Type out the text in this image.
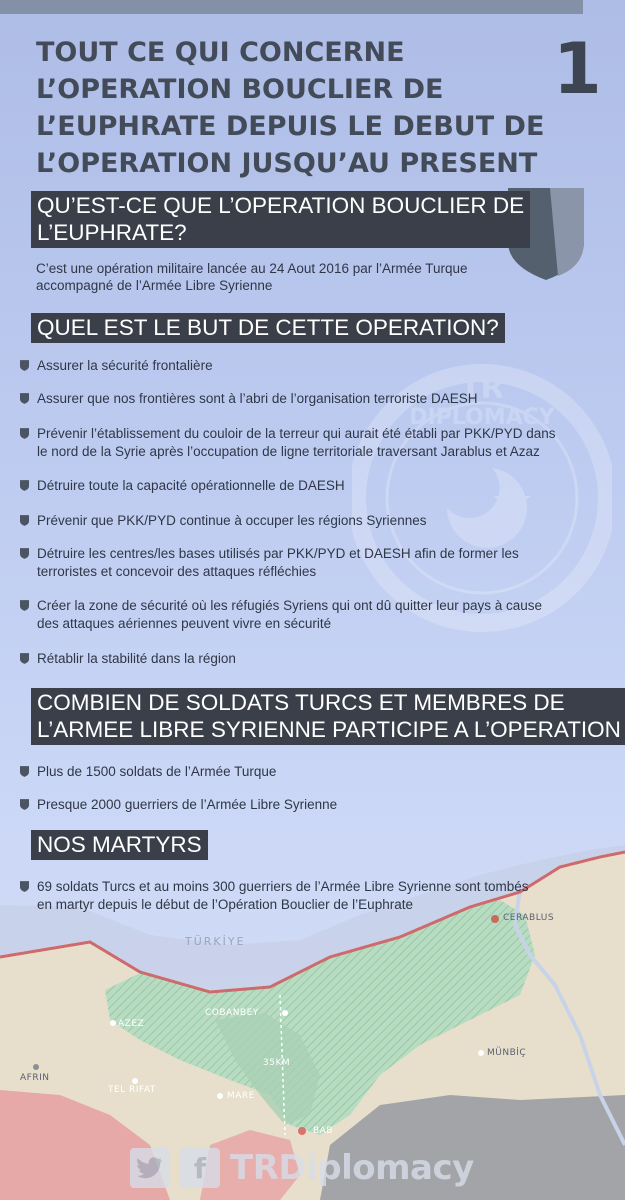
TOUT CE QUI CONCERNE
L’OPERATION BOUCLIER DE
L’EUPHRATE DEPUIS LE DEBUT DE
L’OPERATION JUSQU’AU PRESENT
1
TR
DIPLOMACY
QU’EST-CE QUE L’OPERATION BOUCLIER DE
L’EUPHRATE?
C’est une opération militaire lancée au 24 Aout 2016 par l’Armée Turque
accompagné de l’Armée Libre Syrienne
QUEL EST LE BUT DE CETTE OPERATION?
Assurer la sécurité frontalière
Assurer que nos frontières sont à l’abri de l’organisation terroriste DAESH
Prévenir l’établissement du couloir de la terreur qui aurait été établi par PKK/PYD dans
le nord de la Syrie après l’occupation de ligne territoriale traversant Jarablus et Azaz
Détruire toute la capacité opérationnelle de DAESH
Prévenir que PKK/PYD continue à occuper les régions Syriennes
Détruire les centres/les bases utilisés par PKK/PYD et DAESH afin de former les
terroristes et concevoir des attaques réfléchies
Créer la zone de sécurité où les réfugiés Syriens qui ont dû quitter leur pays à cause
des attaques aériennes peuvent vivre en sécurité
Rétablir la stabilité dans la région
COMBIEN DE SOLDATS TURCS ET MEMBRES DE
L’ARMEE LIBRE SYRIENNE PARTICIPE A L’OPERATION
Plus de 1500 soldats de l’Armée Turque
Presque 2000 guerriers de l’Armée Libre Syrienne
CERABLUS
AZEZ
COBANBEY
35KM
MÜNBİÇ
AFRIN
TEL RIFAT
MARE
BAB
TÜRKİYE
NOS MARTYRS
69 soldats Turcs et au moins 300 guerriers de l’Armée Libre Syrienne sont tombés
en martyr depuis le début de l’Opération Bouclier de l’Euphrate
f TRDiplomacy
